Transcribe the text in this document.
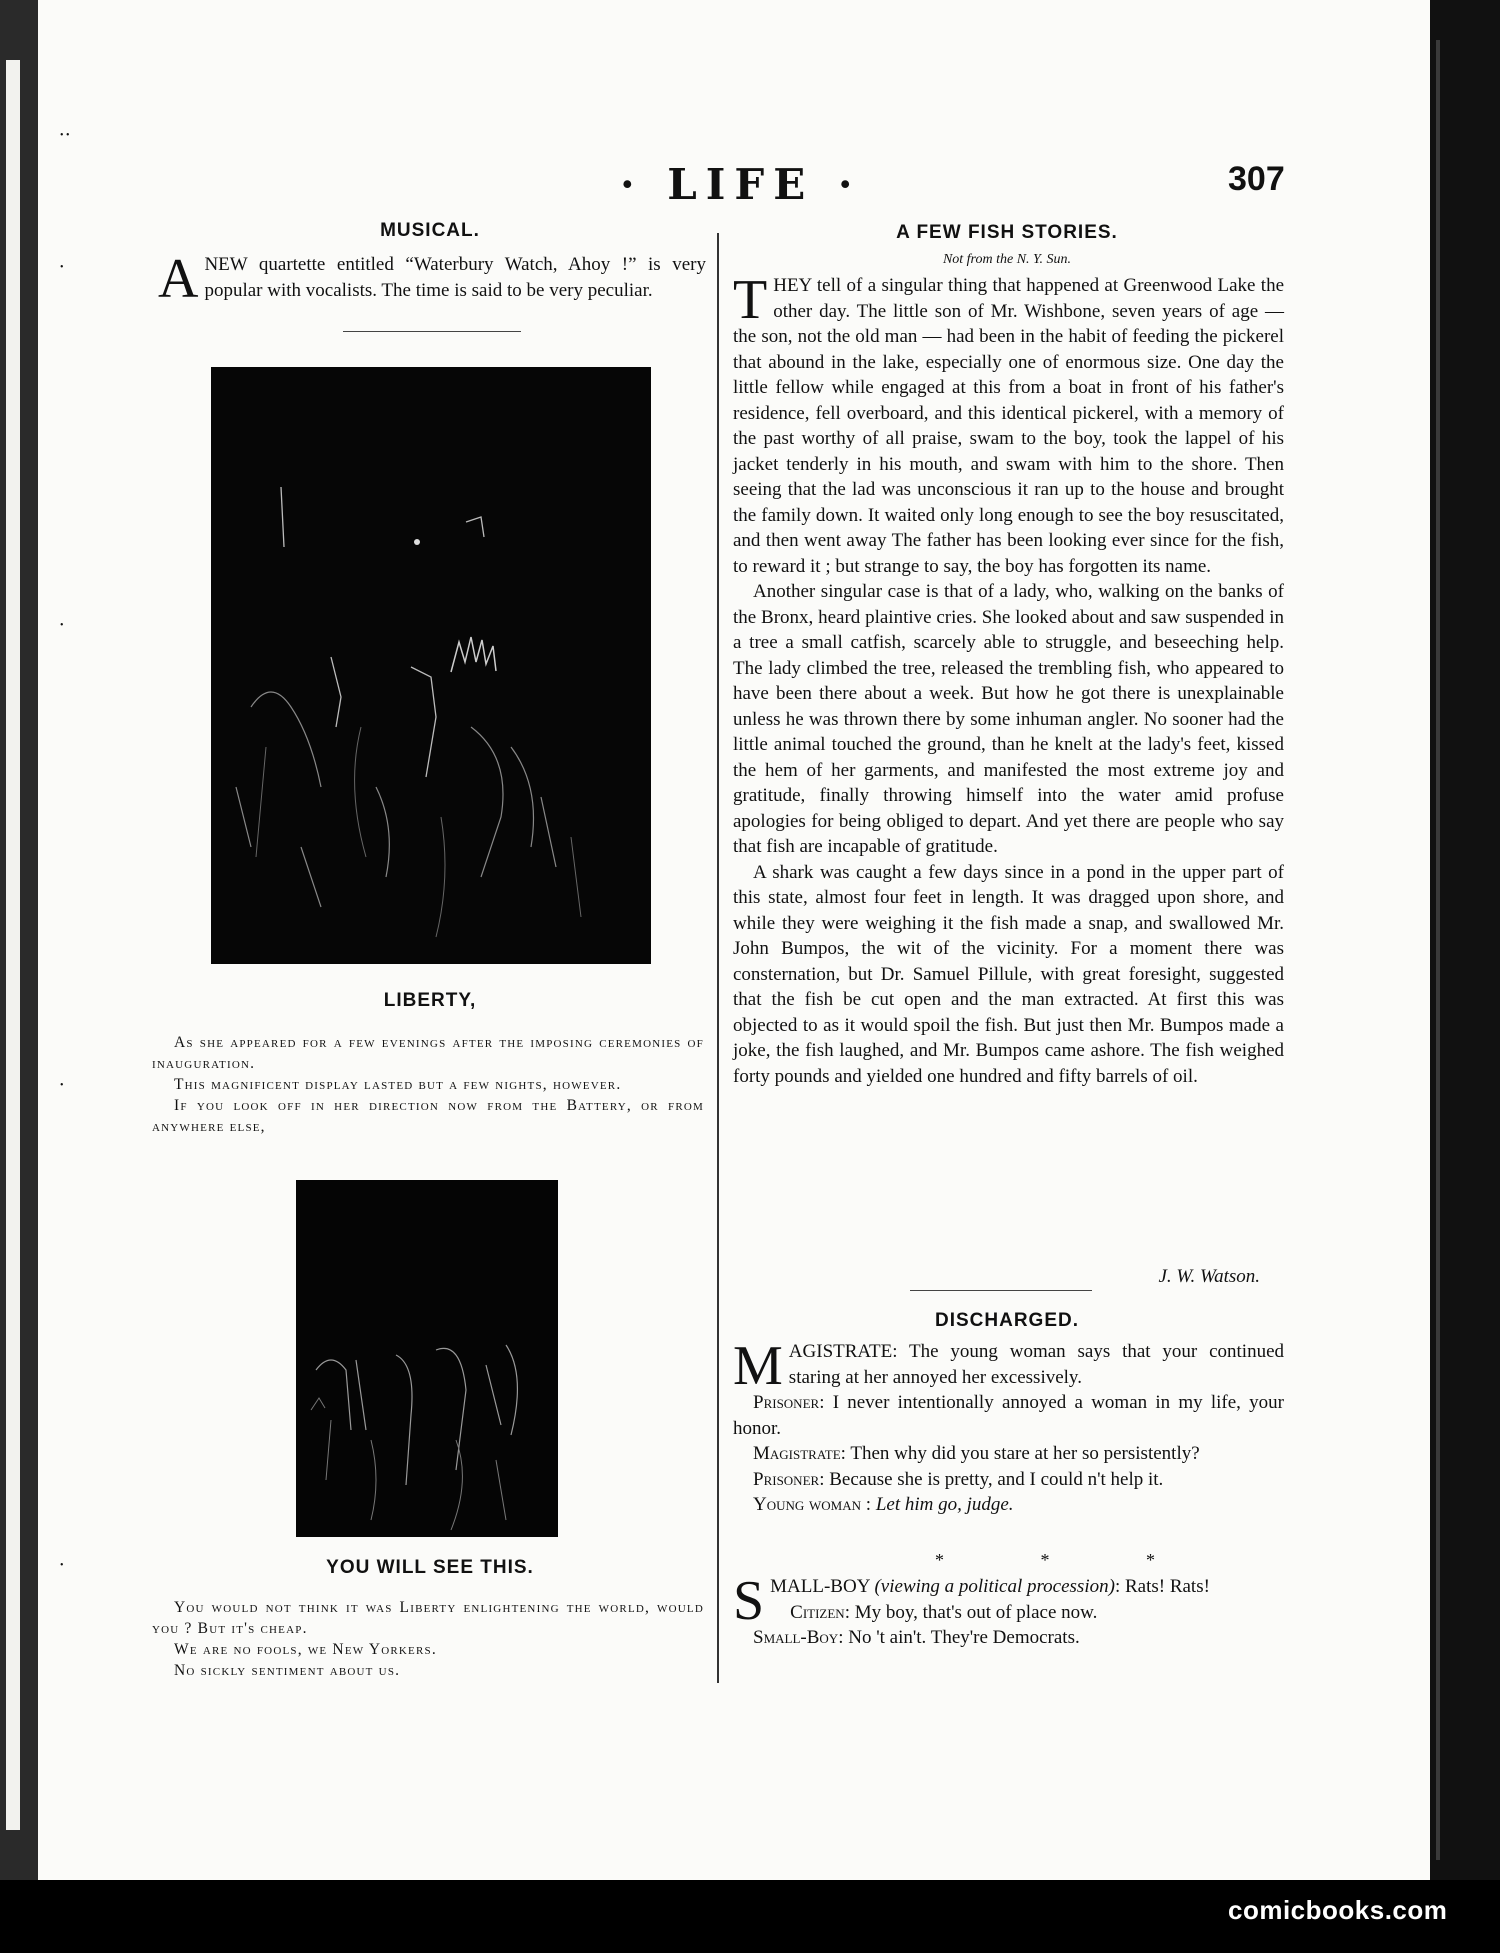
• •
•
•
•
•
· LIFE ·	307
MUSICAL.

ANEW quartette entitled “Waterbury Watch, Ahoy !” is very popular with vocalists. The time is said to be very peculiar.

LIBERTY,

As she appeared for a few evenings after the imposing ceremonies of inauguration.

This magnificent display lasted but a few nights, however.

If you look off in her direction now from the Battery, or from anywhere else,

YOU WILL SEE THIS.

You would not think it was Liberty enlightening the world, would you ? But it's cheap.

We are no fools, we New Yorkers.

No sickly sentiment about us.

A FEW FISH STORIES.
Not from the N. Y. Sun.

THEY tell of a singular thing that happened at Greenwood Lake the other day. The little son of Mr. Wishbone, seven years of age — the son, not the old man — had been in the habit of feeding the pickerel that abound in the lake, especially one of enormous size. One day the little fellow while engaged at this from a boat in front of his father's residence, fell overboard, and this identical pickerel, with a memory of the past worthy of all praise, swam to the boy, took the lappel of his jacket tenderly in his mouth, and swam with him to the shore. Then seeing that the lad was unconscious it ran up to the house and brought the family down. It waited only long enough to see the boy resuscitated, and then went away The father has been looking ever since for the fish, to reward it ; but strange to say, the boy has forgotten its name.

Another singular case is that of a lady, who, walking on the banks of the Bronx, heard plaintive cries. She looked about and saw suspended in a tree a small catfish, scarcely able to struggle, and beseeching help. The lady climbed the tree, released the trembling fish, who appeared to have been there about a week. But how he got there is unexplainable unless he was thrown there by some inhuman angler. No sooner had the little animal touched the ground, than he knelt at the lady's feet, kissed the hem of her garments, and manifested the most extreme joy and gratitude, finally throwing himself into the water amid profuse apologies for being obliged to depart. And yet there are people who say that fish are incapable of gratitude.

A shark was caught a few days since in a pond in the upper part of this state, almost four feet in length. It was dragged upon shore, and while they were weighing it the fish made a snap, and swallowed Mr. John Bumpos, the wit of the vicinity. For a moment there was consternation, but Dr. Samuel Pillule, with great foresight, suggested that the fish be cut open and the man extracted. At first this was objected to as it would spoil the fish. But just then Mr. Bumpos made a joke, the fish laughed, and Mr. Bumpos came ashore. The fish weighed forty pounds and yielded one hundred and fifty barrels of oil.

J. W. Watson.
DISCHARGED.

MAGISTRATE: The young woman says that your continued staring at her annoyed her excessively.

Prisoner: I never intentionally annoyed a woman in my life, your honor.

Magistrate: Then why did you stare at her so persistently?

Prisoner: Because she is pretty, and I could n't help it.

Young woman : Let him go, judge.

* * *

SMALL-BOY (viewing a political procession): Rats! Rats!

Citizen: My boy, that's out of place now.

Small-Boy: No 't ain't. They're Democrats.

comicbooks.com
